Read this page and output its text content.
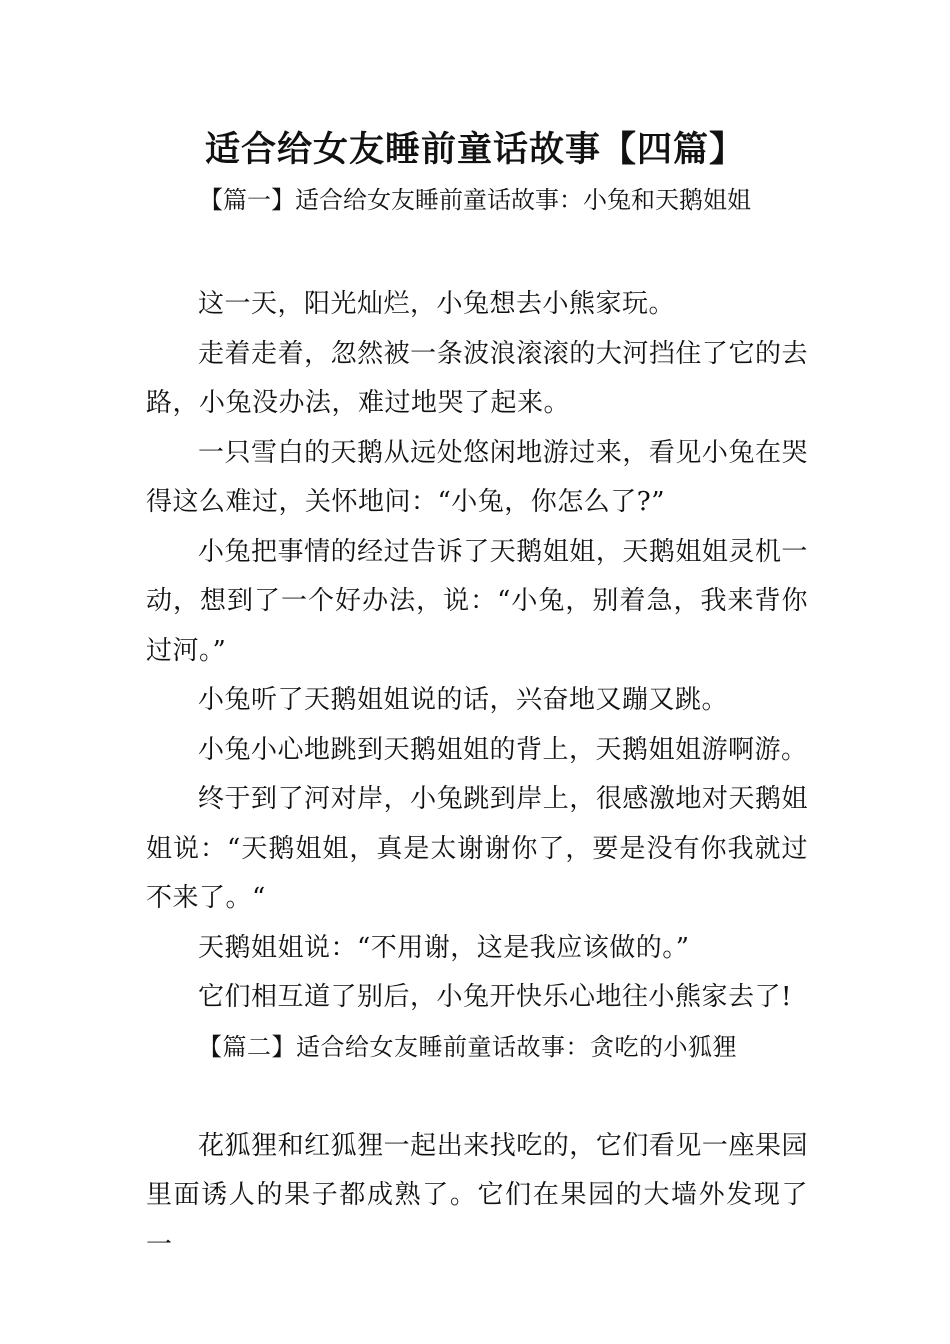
适合给女友睡前童话故事【四篇】

【篇一】适合给女友睡前童话故事：小兔和天鹅姐姐

这一天，阳光灿烂，小兔想去小熊家玩。

走着走着，忽然被一条波浪滚滚的大河挡住了它的去路，小兔没办法，难过地哭了起来。

一只雪白的天鹅从远处悠闲地游过来，看见小兔在哭得这么难过，关怀地问：“小兔，你怎么了?”

小兔把事情的经过告诉了天鹅姐姐，天鹅姐姐灵机一动，想到了一个好办法，说：“小兔，别着急，我来背你过河。”

小兔听了天鹅姐姐说的话，兴奋地又蹦又跳。

小兔小心地跳到天鹅姐姐的背上，天鹅姐姐游啊游。

终于到了河对岸，小兔跳到岸上，很感激地对天鹅姐姐说：“天鹅姐姐，真是太谢谢你了，要是没有你我就过不来了。“

天鹅姐姐说：“不用谢，这是我应该做的。”

它们相互道了别后，小兔开快乐心地往小熊家去了!

【篇二】适合给女友睡前童话故事：贪吃的小狐狸

花狐狸和红狐狸一起出来找吃的，它们看见一座果园里面诱人的果子都成熟了。它们在果园的大墙外发现了一
